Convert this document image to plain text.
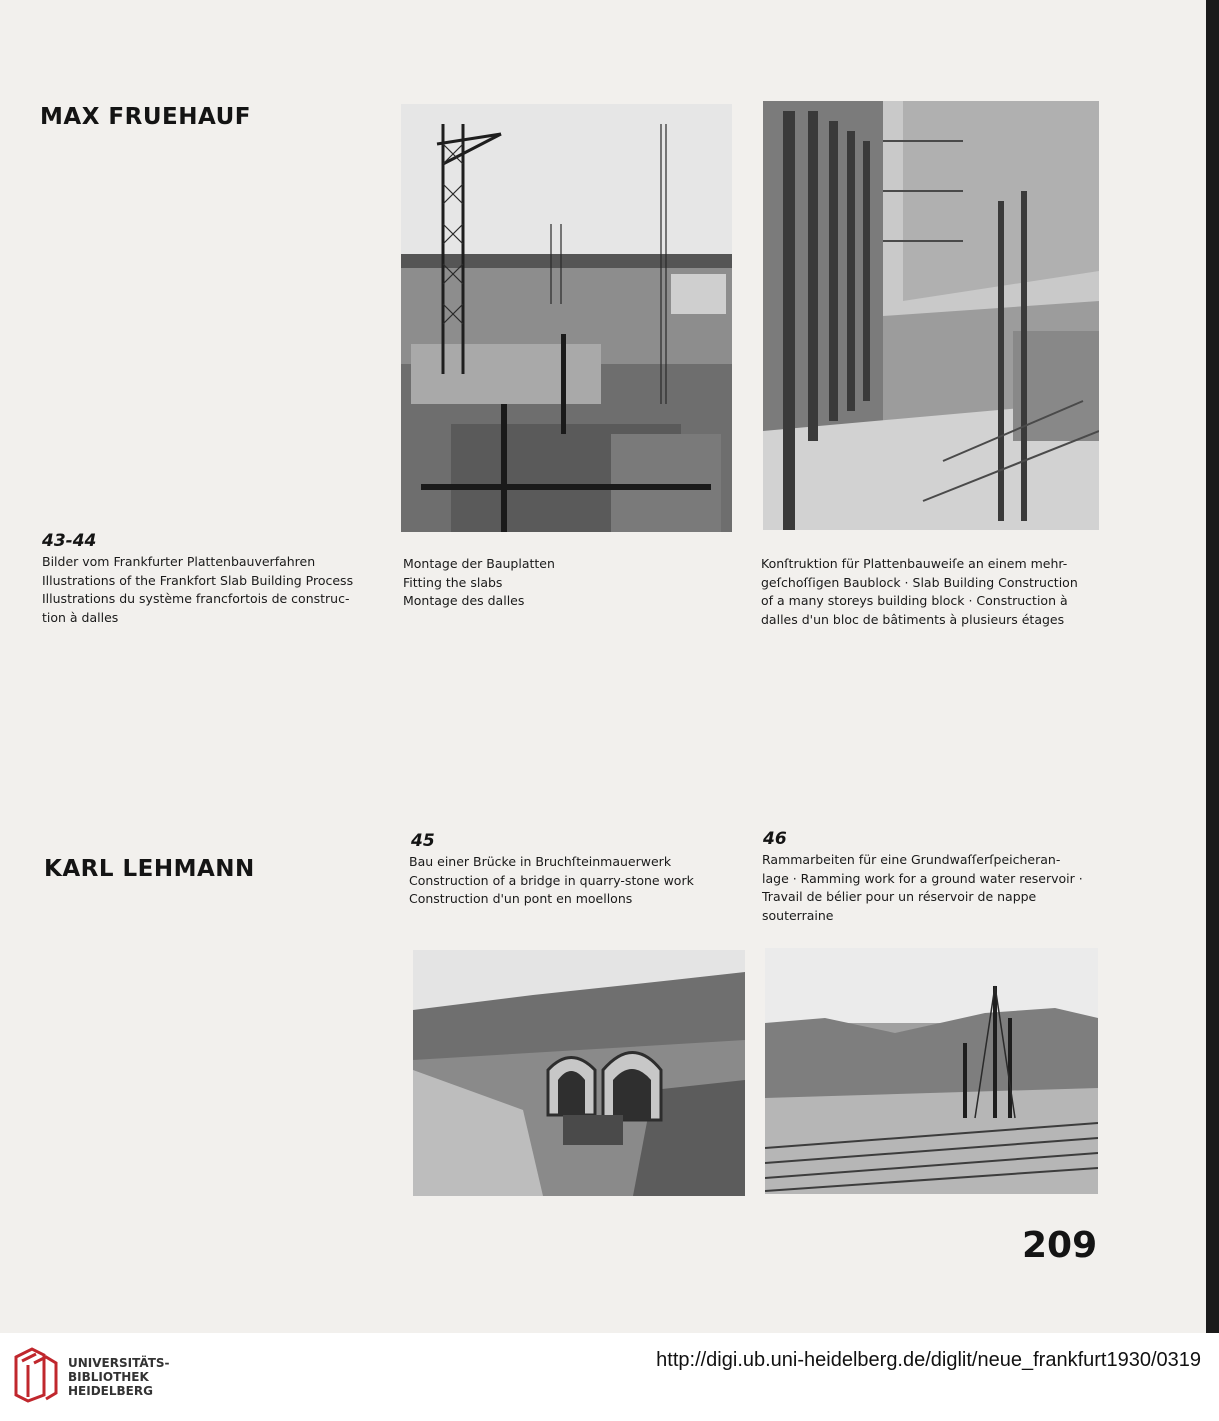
MAX FRUEHAUF
43-44
Bilder vom Frankfurter Plattenbauverfahren
Illustrations of the Frankfort Slab Building Process
Illustrations du système francfortois de construc-
tion à dalles
Montage der Bauplatten
Fitting the slabs
Montage des dalles
Konſtruktion für Plattenbauweiſe an einem mehr-
geſchoſſigen Baublock · Slab Building Construction
of a many storeys building block · Construction à
dalles d'un bloc de bâtiments à plusieurs étages
KARL LEHMANN
45
Bau einer Brücke in Bruchſteinmauerwerk
Construction of a bridge in quarry-stone work
Construction d'un pont en moellons
46
Rammarbeiten für eine Grundwaſſerſpeicheran-
lage · Ramming work for a ground water reservoir ·
Travail de bélier pour un réservoir de nappe
souterraine
209
UNIVERSITÄTS-
BIBLIOTHEK
HEIDELBERG
http://digi.ub.uni-heidelberg.de/diglit/neue_frankfurt1930/0319
